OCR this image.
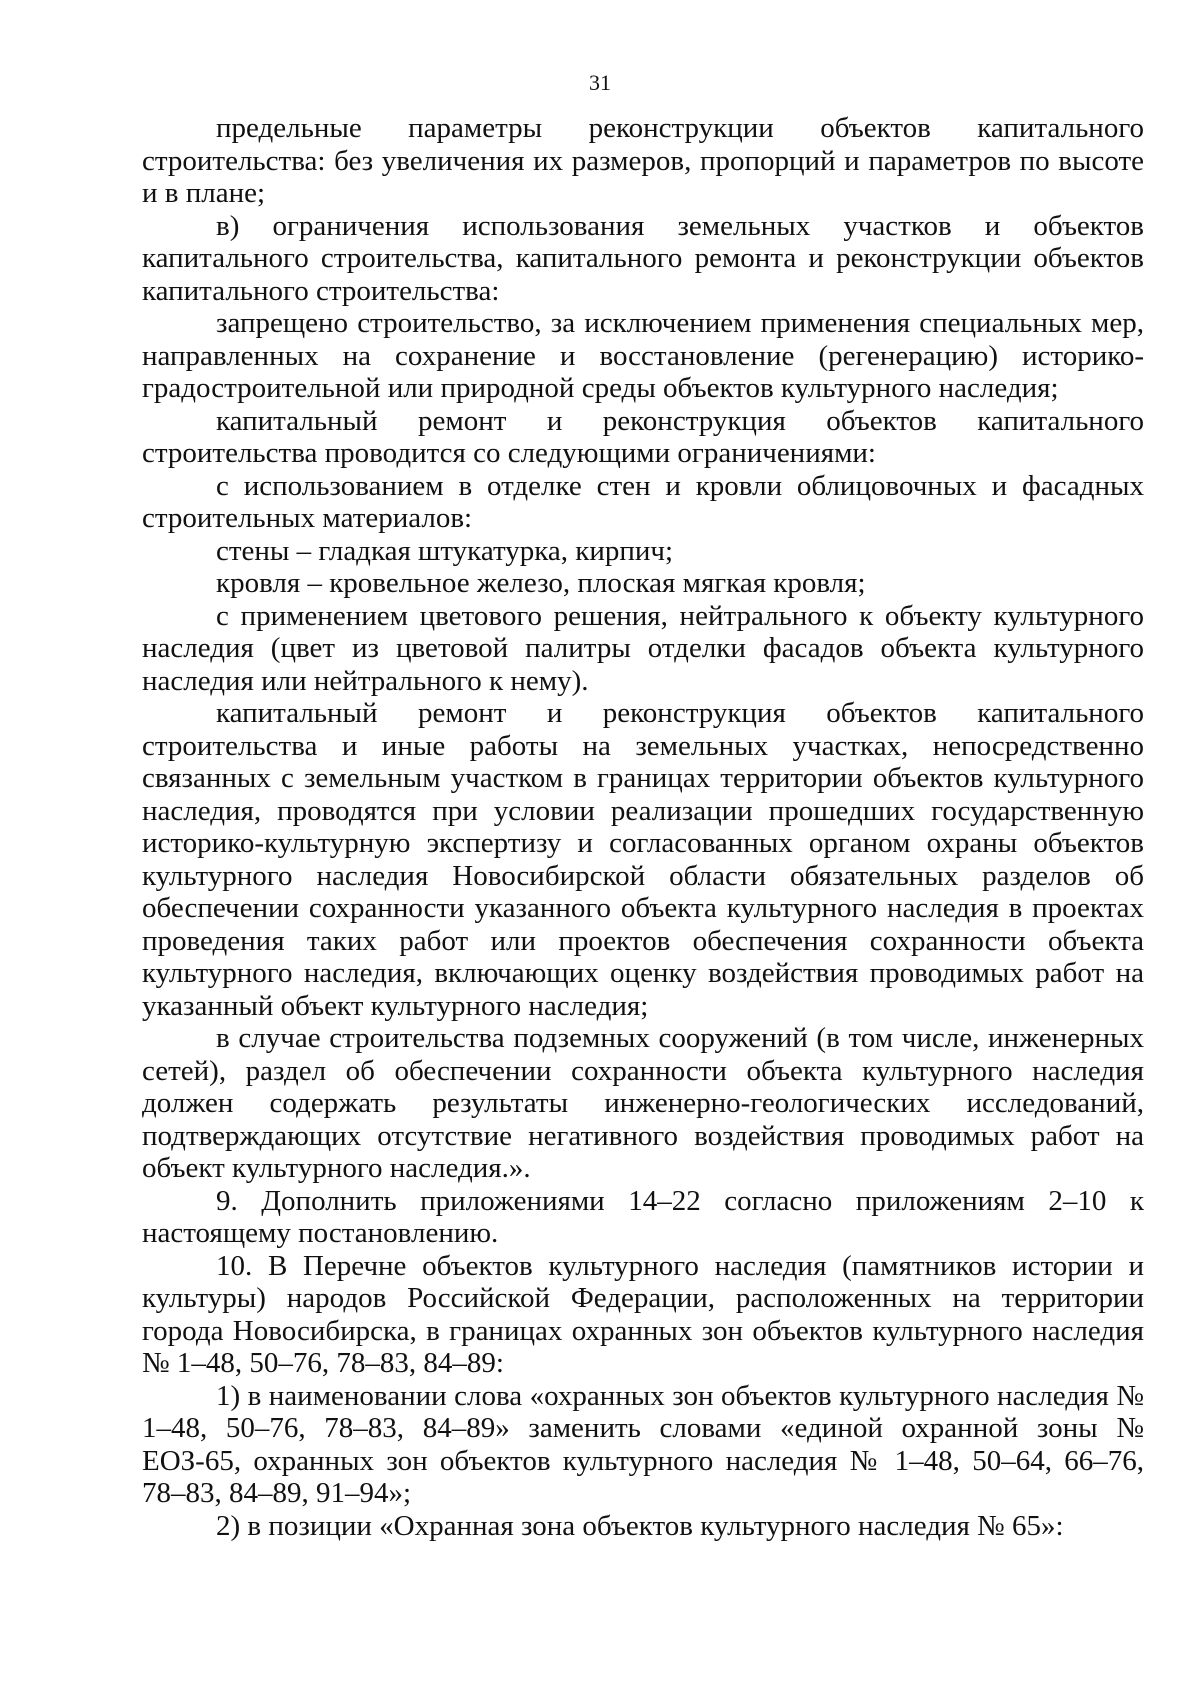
31

предельные параметры реконструкции объектов капитального строительства: без увеличения их размеров, пропорций и параметров по высоте и в плане;

в) ограничения использования земельных участков и объектов капитального строительства, капитального ремонта и реконструкции объектов капитального строительства:

запрещено строительство, за исключением применения специальных мер, направленных на сохранение и восстановление (регенерацию) историко-градостроительной или природной среды объектов культурного наследия;

капитальный ремонт и реконструкция объектов капитального строительства проводится со следующими ограничениями:

с использованием в отделке стен и кровли облицовочных и фасадных строительных материалов:

стены – гладкая штукатурка, кирпич;

кровля – кровельное железо, плоская мягкая кровля;

с применением цветового решения, нейтрального к объекту культурного наследия (цвет из цветовой палитры отделки фасадов объекта культурного наследия или нейтрального к нему).

капитальный ремонт и реконструкция объектов капитального строительства и иные работы на земельных участках, непосредственно связанных с земельным участком в границах территории объектов культурного наследия, проводятся при условии реализации прошедших государственную историко-культурную экспертизу и согласованных органом охраны объектов культурного наследия Новосибирской области обязательных разделов об обеспечении сохранности указанного объекта культурного наследия в проектах проведения таких работ или проектов обеспечения сохранности объекта культурного наследия, включающих оценку воздействия проводимых работ на указанный объект культурного наследия;

в случае строительства подземных сооружений (в том числе, инженерных сетей), раздел об обеспечении сохранности объекта культурного наследия должен содержать результаты инженерно-геологических исследований, подтверждающих отсутствие негативного воздействия проводимых работ на объект культурного наследия.».

9. Дополнить приложениями 14–22 согласно приложениям 2–10 к настоящему постановлению.

10. В Перечне объектов культурного наследия (памятников истории и культуры) народов Российской Федерации, расположенных на территории города Новосибирска, в границах охранных зон объектов культурного наследия № 1–48, 50–76, 78–83, 84–89:

1) в наименовании слова «охранных зон объектов культурного наследия № 1–48, 50–76, 78–83, 84–89» заменить словами «единой охранной зоны № ЕОЗ-65, охранных зон объектов культурного наследия № 1–48, 50–64, 66–76, 78–83, 84–89, 91–94»;

2) в позиции «Охранная зона объектов культурного наследия № 65»:
